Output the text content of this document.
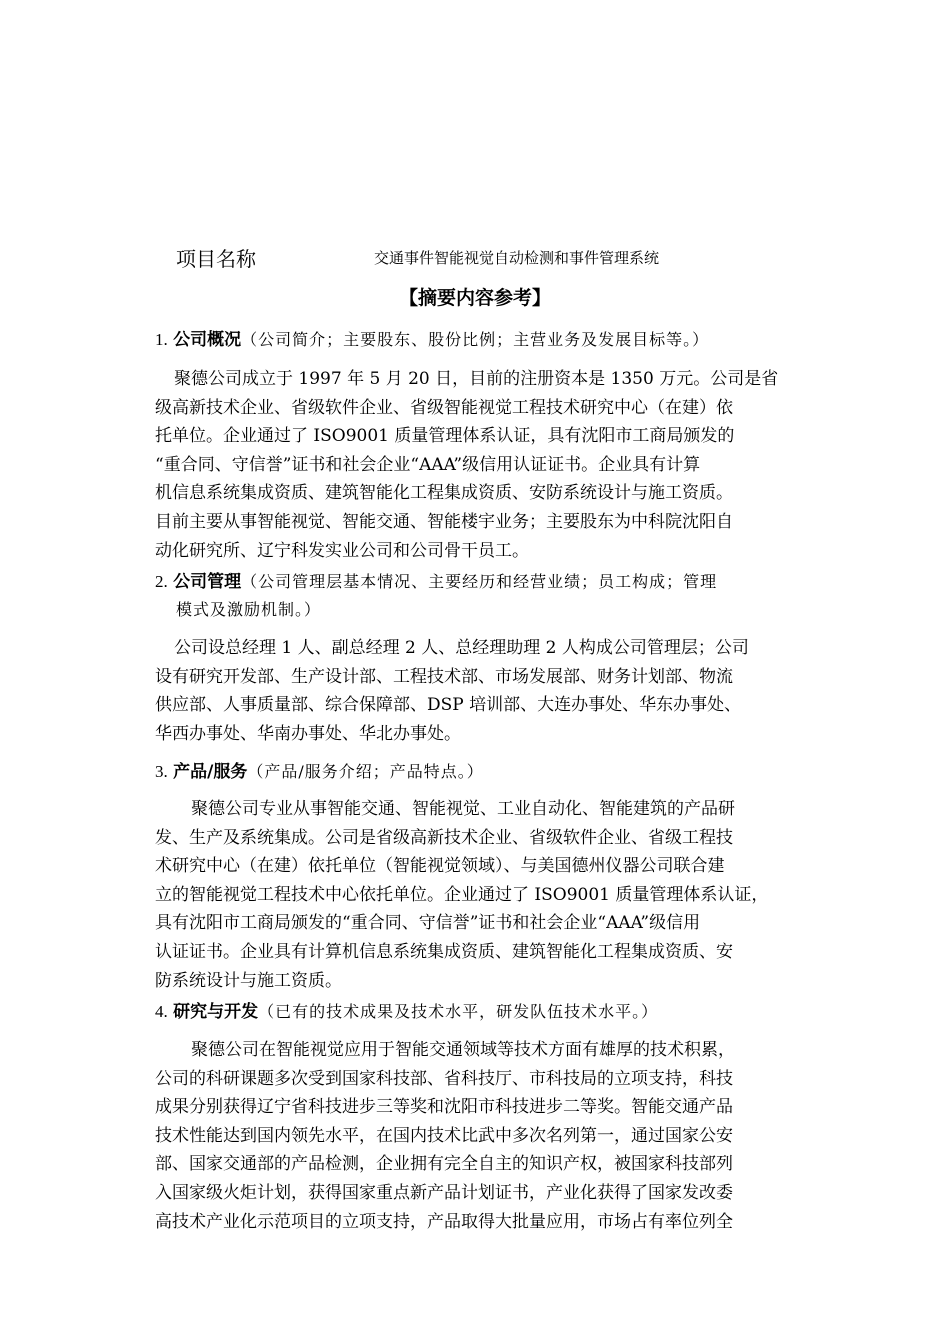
项目名称	交通事件智能视觉自动检测和事件管理系统
【摘要内容参考】
1. 公司概况（公司简介；主要股东、股份比例；主营业务及发展目标等。）
聚德公司成立于 1997 年 5 月 20 日，目前的注册资本是 1350 万元。公司是省
级高新技术企业、省级软件企业、省级智能视觉工程技术研究中心（在建）依
托单位。企业通过了 ISO9001 质量管理体系认证，具有沈阳市工商局颁发的
“重合同、守信誉”证书和社会企业“AAA”级信用认证证书。企业具有计算
机信息系统集成资质、建筑智能化工程集成资质、安防系统设计与施工资质。
目前主要从事智能视觉、智能交通、智能楼宇业务；主要股东为中科院沈阳自
动化研究所、辽宁科发实业公司和公司骨干员工。
2. 公司管理（公司管理层基本情况、主要经历和经营业绩；员工构成；管理
模式及激励机制。）
公司设总经理 1 人、副总经理 2 人、总经理助理 2 人构成公司管理层；公司
设有研究开发部、生产设计部、工程技术部、市场发展部、财务计划部、物流
供应部、人事质量部、综合保障部、DSP 培训部、大连办事处、华东办事处、
华西办事处、华南办事处、华北办事处。
3. 产品/服务（产品/服务介绍；产品特点。）
聚德公司专业从事智能交通、智能视觉、工业自动化、智能建筑的产品研
发、生产及系统集成。公司是省级高新技术企业、省级软件企业、省级工程技
术研究中心（在建）依托单位（智能视觉领域）、与美国德州仪器公司联合建
立的智能视觉工程技术中心依托单位。企业通过了 ISO9001 质量管理体系认证，
具有沈阳市工商局颁发的“重合同、守信誉”证书和社会企业“AAA”级信用
认证证书。企业具有计算机信息系统集成资质、建筑智能化工程集成资质、安
防系统设计与施工资质。
4. 研究与开发（已有的技术成果及技术水平，研发队伍技术水平。）
聚德公司在智能视觉应用于智能交通领域等技术方面有雄厚的技术积累，
公司的科研课题多次受到国家科技部、省科技厅、市科技局的立项支持，科技
成果分别获得辽宁省科技进步三等奖和沈阳市科技进步二等奖。智能交通产品
技术性能达到国内领先水平，在国内技术比武中多次名列第一，通过国家公安
部、国家交通部的产品检测，企业拥有完全自主的知识产权，被国家科技部列
入国家级火炬计划，获得国家重点新产品计划证书，产业化获得了国家发改委
高技术产业化示范项目的立项支持，产品取得大批量应用，市场占有率位列全
